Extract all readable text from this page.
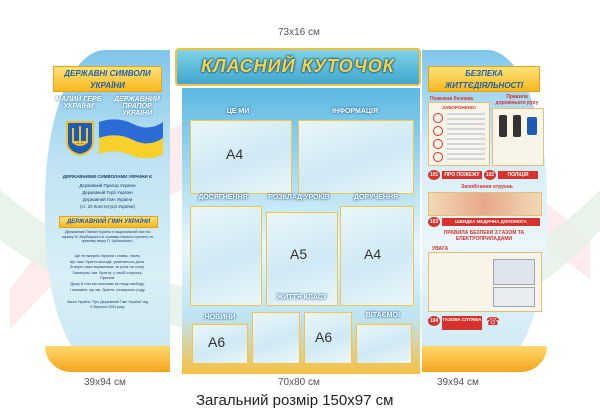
73x16 см
39x94 см	70x80 см	39x94 см
Загальний розмір 150x97 см
ДЕРЖАВНІ СИМВОЛИ УКРАЇНИ
МАЛИЙ ГЕРБ УКРАЇНИ
ДЕРЖАВНИЙ ПРАПОР УКРАЇНИ
ДЕРЖАВНИМИ СИМВОЛАМИ УКРАЇНИ Є
Державний Прапор України
Державний Герб України
Державний Гімн України
(ст. 20 Конституції України)
ДЕРЖАВНИЙ ГІМН УКРАЇНИ
Державним Гімном України є національний гімн на музику М. Вербицького зі словами першого куплету та приспіву твору П. Чубинського.
Ще не вмерла України і слава, і воля,
Ще нам, браття молодії, усміхнеться доля.
Згинуть наші воріженьки, як роса на сонці.
Запануєм і ми, браття, у своїй сторонці.
Приспів:
Душу й тіло ми положим за нашу свободу,
І покажем, що ми, браття, козацького роду.
Закон України "Про Державний Гімн України" від 6 березня 2003 року
КЛАСНИЙ КУТОЧОК
ЦЕ МИ
А4
ІНФОРМАЦІЯ
ДОСЯГНЕННЯ	РОЗКЛАД УРОКІВ
А5
ДОРУЧЕННЯ
А4
ЖИТТЯ КЛАСУ
НОВИНИ
А6	А6
ВІТАЄМО!
БЕЗПЕКА ЖИТТЄДІЯЛЬНОСТІ
Пожежна безпека
ЗАБОРОНЕНО!
Правила дорожнього руху
101	ПРО ПОЖЕЖУ	102	ПОЛІЦІЯ
Запобігання отруєнь
103	ШВИДКА МЕДИЧНА ДОПОМОГА
ПРАВИЛА БЕЗПЕКИ З ГАЗОМ ТА ЕЛЕКТРОПРИЛАДАМИ
УВАГА
104 ГАЗОВА СЛУЖБА ☎
